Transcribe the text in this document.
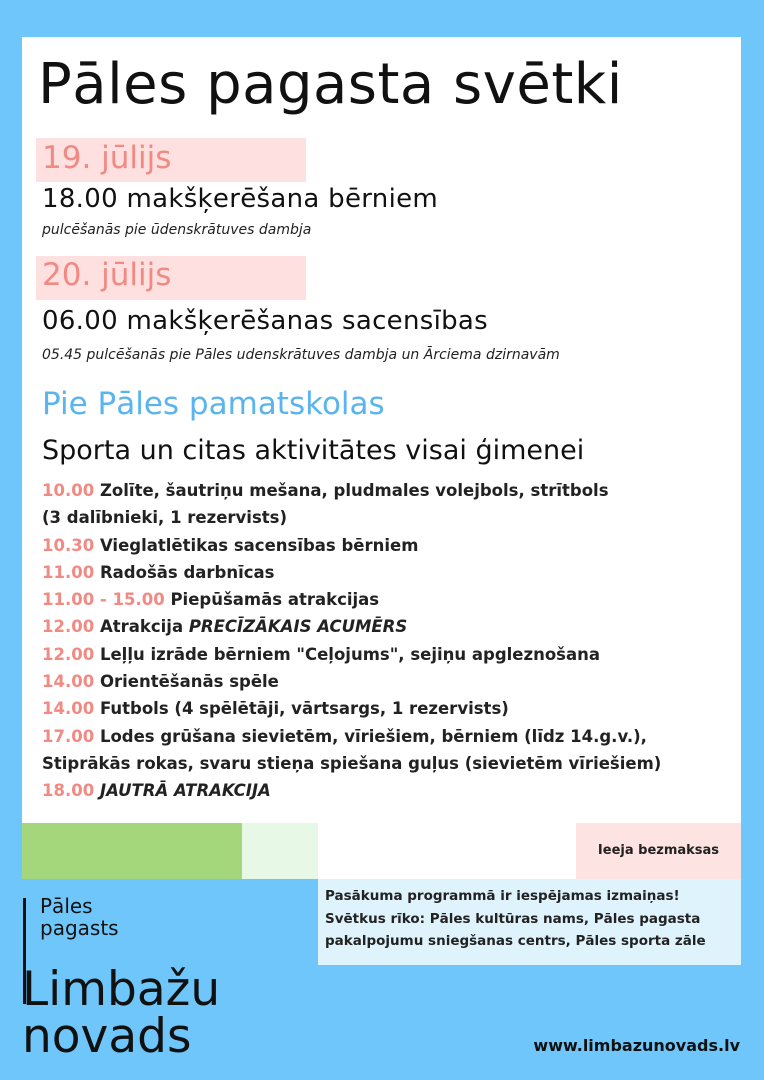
Pāles pagasta svētki
19. jūlijs
18.00 makšķerēšana bērniem
pulcēšanās pie ūdenskrātuves dambja
20. jūlijs
06.00 makšķerēšanas sacensības
05.45 pulcēšanās pie Pāles udenskrātuves dambja un Ārciema dzirnavām
Pie Pāles pamatskolas
Sporta un citas aktivitātes visai ģimenei
10.00 Zolīte, šautriņu mešana, pludmales volejbols, strītbols
(3 dalībnieki, 1 rezervists)
10.30 Vieglatlētikas sacensības bērniem
11.00 Radošās darbnīcas
11.00 - 15.00 Piepūšamās atrakcijas
12.00 Atrakcija PRECĪZĀKAIS ACUMĒRS
12.00 Leļļu izrāde bērniem "Ceļojums", sejiņu apgleznošana
14.00 Orientēšanās spēle
14.00 Futbols (4 spēlētāji, vārtsargs, 1 rezervists)
17.00 Lodes grūšana sievietēm, vīriešiem, bērniem (līdz 14.g.v.),
Stiprākās rokas, svaru stieņa spiešana guļus (sievietēm vīriešiem)
18.00 JAUTRĀ ATRAKCIJA
Ieeja bezmaksas
Pasākuma programmā ir iespējamas izmaiņas!
Svētkus rīko: Pāles kultūras nams, Pāles pagasta
pakalpojumu sniegšanas centrs, Pāles sporta zāle
Pāles
pagasts
Limbažu
novads	www.limbazunovads.lv
